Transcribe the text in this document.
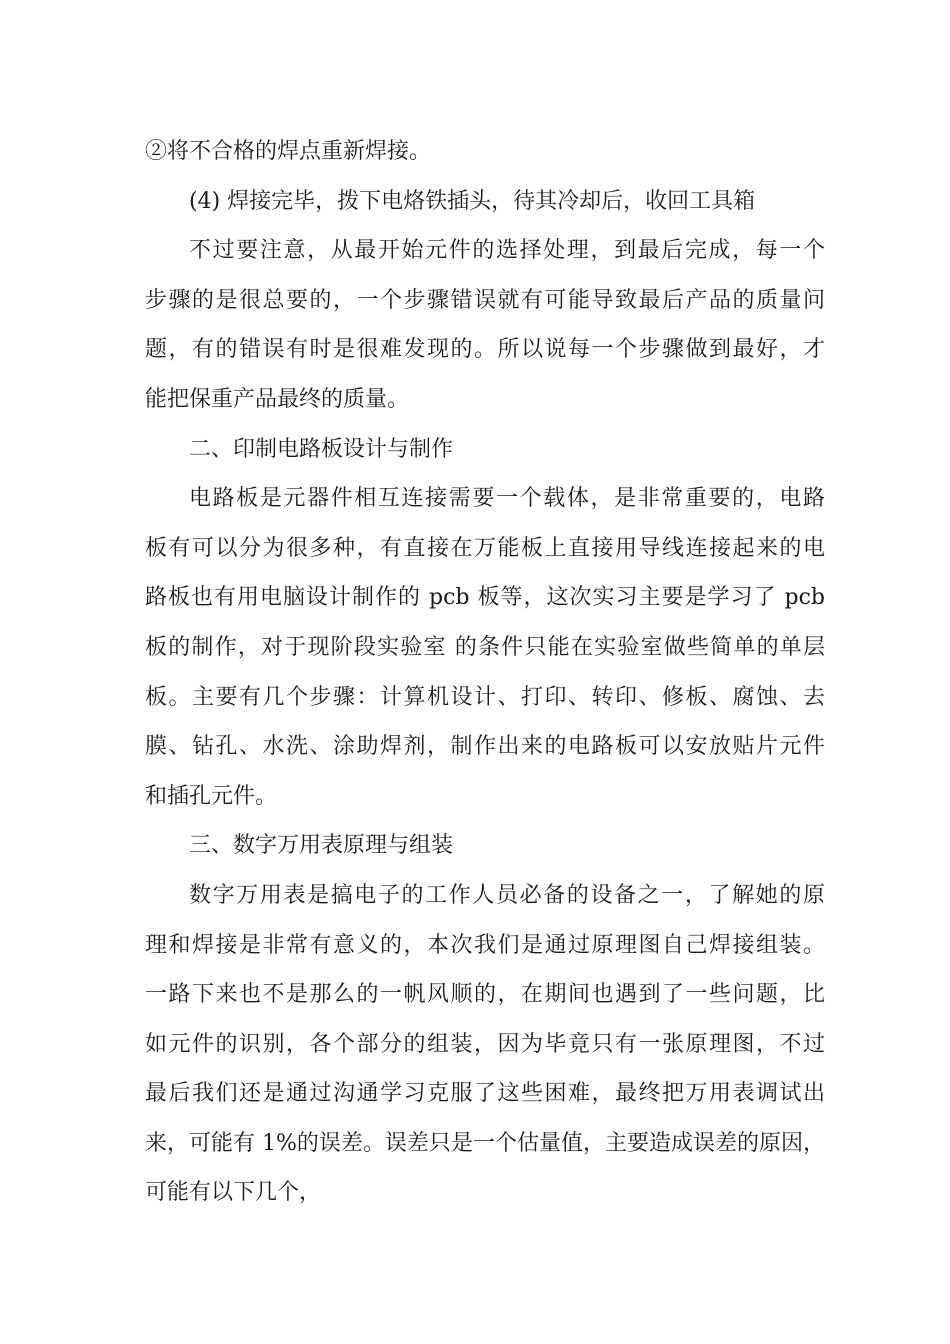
②将不合格的焊点重新焊接。
(4) 焊接完毕，拨下电烙铁插头，待其冷却后，收回工具箱
不过要注意，从最开始元件的选择处理，到最后完成，每一个
步骤的是很总要的，一个步骤错误就有可能导致最后产品的质量问
题，有的错误有时是很难发现的。所以说每一个步骤做到最好，才
能把保重产品最终的质量。
二、印制电路板设计与制作
电路板是元器件相互连接需要一个载体，是非常重要的，电路
板有可以分为很多种，有直接在万能板上直接用导线连接起来的电
路板也有用电脑设计制作的 pcb 板等，这次实习主要是学习了 pcb
板的制作，对于现阶段实验室 的条件只能在实验室做些简单的单层
板。主要有几个步骤：计算机设计、打印、转印、修板、腐蚀、去
膜、钻孔、水洗、涂助焊剂，制作出来的电路板可以安放贴片元件
和插孔元件。
三、数字万用表原理与组装
数字万用表是搞电子的工作人员必备的设备之一，了解她的原
理和焊接是非常有意义的，本次我们是通过原理图自己焊接组装。
一路下来也不是那么的一帆风顺的，在期间也遇到了一些问题，比
如元件的识别，各个部分的组装，因为毕竟只有一张原理图，不过
最后我们还是通过沟通学习克服了这些困难，最终把万用表调试出
来，可能有 1%的误差。误差只是一个估量值，主要造成误差的原因，
可能有以下几个，
